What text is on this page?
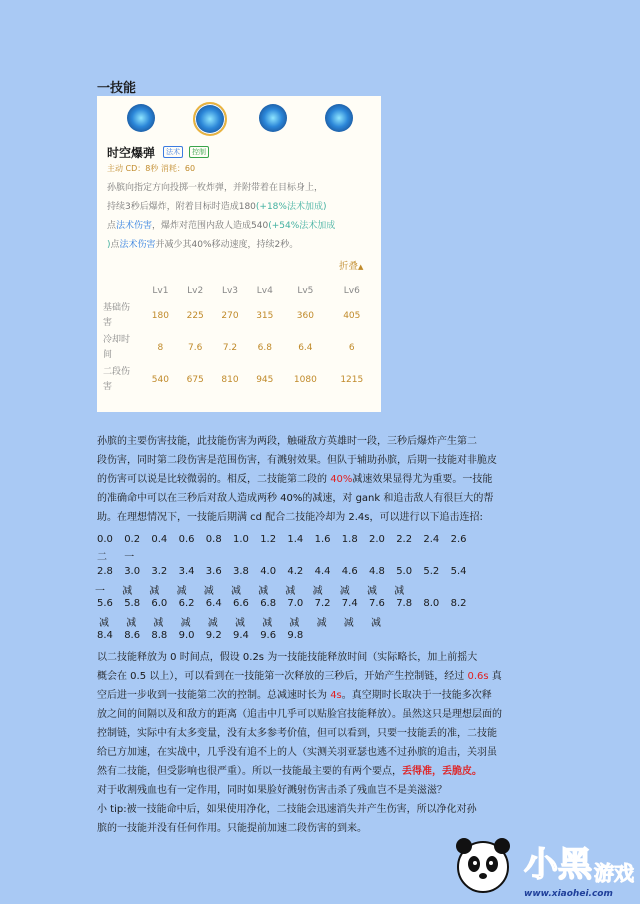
一技能
时空爆弹	法术	控制
主动 CD：8秒 消耗：60
孙膑向指定方向投掷一枚炸弹，并附带着在目标身上，
持续3秒后爆炸，附着目标时造成180(+18%法术加成)
点法术伤害，爆炸对范围内敌人造成540(+54%法术加成
)点法术伤害并减少其40%移动速度，持续2秒。
折叠▲
	Lv1	Lv2	Lv3	Lv4	Lv5	Lv6
基础伤
害	180	225	270	315	360	405
冷却时
间	8	7.6	7.2	6.8	6.4	6
二段伤
害	540	675	810	945	1080	1215
孙膑的主要伤害技能，此技能伤害为两段，触碰敌方英雄时一段，三秒后爆炸产生第二
段伤害，同时第二段伤害是范围伤害，有溅射效果。但队于辅助孙膑，后期一技能对非脆皮
的伤害可以说是比较微弱的。相反，二技能第二段的 40%减速效果显得尤为重要。一技能
的准确命中可以在三秒后对敌人造成两秒 40%的减速，对 gank 和追击敌人有很巨大的帮
助。在理想情况下，一技能后期满 cd 配合二技能冷却为 2.4s，可以进行以下追击连招:
0.0 0.2 0.4 0.6 0.8 1.0 1.2 1.4 1.6 1.8 2.0 2.2 2.4 2.6
二 一
2.8 3.0 3.2 3.4 3.6 3.8 4.0 4.2 4.4 4.6 4.8 5.0 5.2 5.4
一 减 减 减 减 减 减 减 减 减 减 减
5.6 5.8 6.0 6.2 6.4 6.6 6.8 7.0 7.2 7.4 7.6 7.8 8.0 8.2
减 减 减 减 减 减 减 减 减 减 减
8.4 8.6 8.8 9.0 9.2 9.4 9.6 9.8
以二技能释放为 0 时间点，假设 0.2s 为一技能技能释放时间（实际略长，加上前摇大
概会在 0.5 以上），可以看到在一技能第一次释放的三秒后，开始产生控制链，经过 0.6s 真
空后进一步收到一技能第二次的控制。总减速时长为 4s。真空期时长取决于一技能多次释
放之间的间隔以及和敌方的距离（追击中几乎可以贴脸宫技能释放）。虽然这只是理想层面的
控制链，实际中有太多变量，没有太多参考价值，但可以看到，只要一技能丢的准，二技能
给已方加速，在实战中，几乎没有追不上的人（实测关羽亚瑟也逃不过孙膑的追击，关羽虽
然有二技能，但受影响也很严重）。所以一技能最主要的有两个要点，丢得准，丢脆皮。
对于收割残血也有一定作用，同时如果脸好溅射伤害击杀了残血岂不是美滋滋？
小 tip:被一技能命中后，如果使用净化，二技能会迅速消失并产生伤害，所以净化对孙
膑的一技能并没有任何作用。只能提前加速二段伤害的到来。
小黑 游戏
www.xiaohei.com
